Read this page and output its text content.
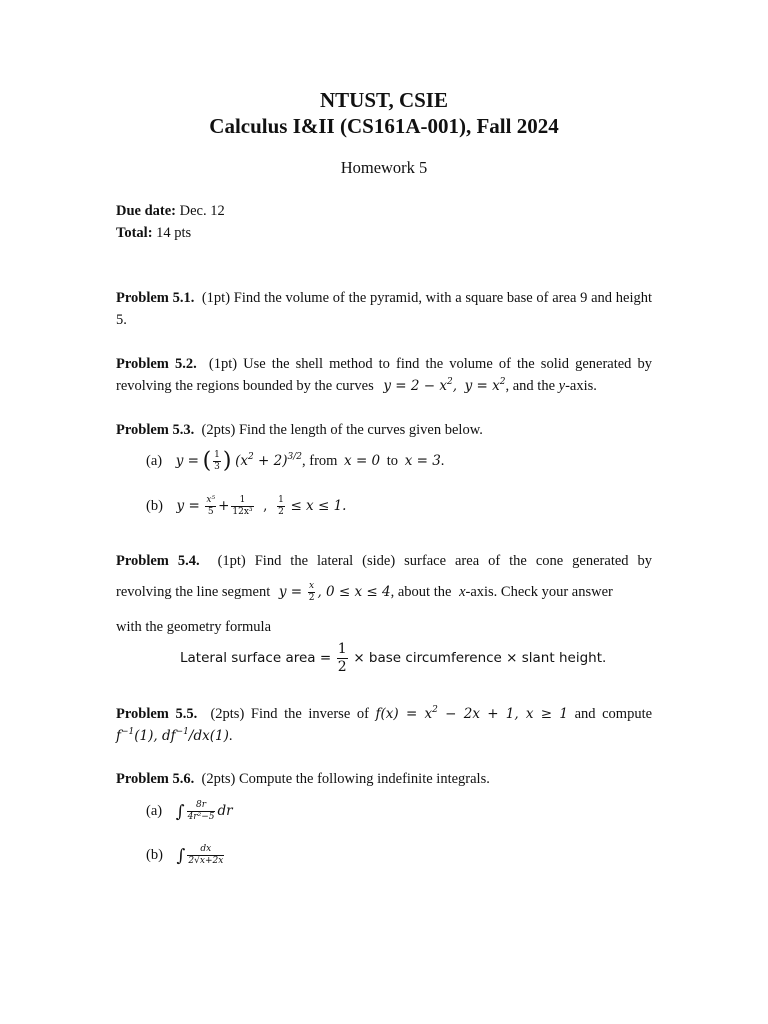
NTUST, CSIE
Calculus I&II (CS161A-001), Fall 2024
Homework 5
Due date: Dec. 12
Total: 14 pts
Problem 5.1. (1pt) Find the volume of the pyramid, with a square base of area 9 and height 5.
Problem 5.2. (1pt) Use the shell method to find the volume of the solid generated by
revolving the regions bounded by the curves $y = 2 - x^2$, $y = x^2$, and the y-axis.
Problem 5.3. (2pts) Find the length of the curves given below.
(a) y = ( $\frac{1}{3}$ ) $(x^2 + 2)^{3/2}$, from x = 0 to x = 3.
(b) $y = \frac{\text{x⁵}}{5} + \frac{1}{\text{12x³}}$ , $\frac{1}{2} \le x \le 1$.
Problem 5.4. (1pt) Find the lateral (side) surface area of the cone generated by
revolving the line segment $y = \frac{x}{2}$ , 0 ≤ x ≤ 4, about the x-axis. Check your answer
with the geometry formula
Lateral surface area = $\frac{1}{2}$ × base circumference × slant height.
Problem 5.5. (2pts) Find the inverse of $f(x) = x^2 - 2x + 1$, x ≥ 1 and compute
$f^{-1}(1)$, $df^{-1}/dx(1)$.
Problem 5.6. (2pts) Compute the following indefinite integrals.
(a) ∫ $\frac{8r}{\text{4r²−5}}$ dr
(b) ∫ $\frac{dx}{2√x+2x}$
